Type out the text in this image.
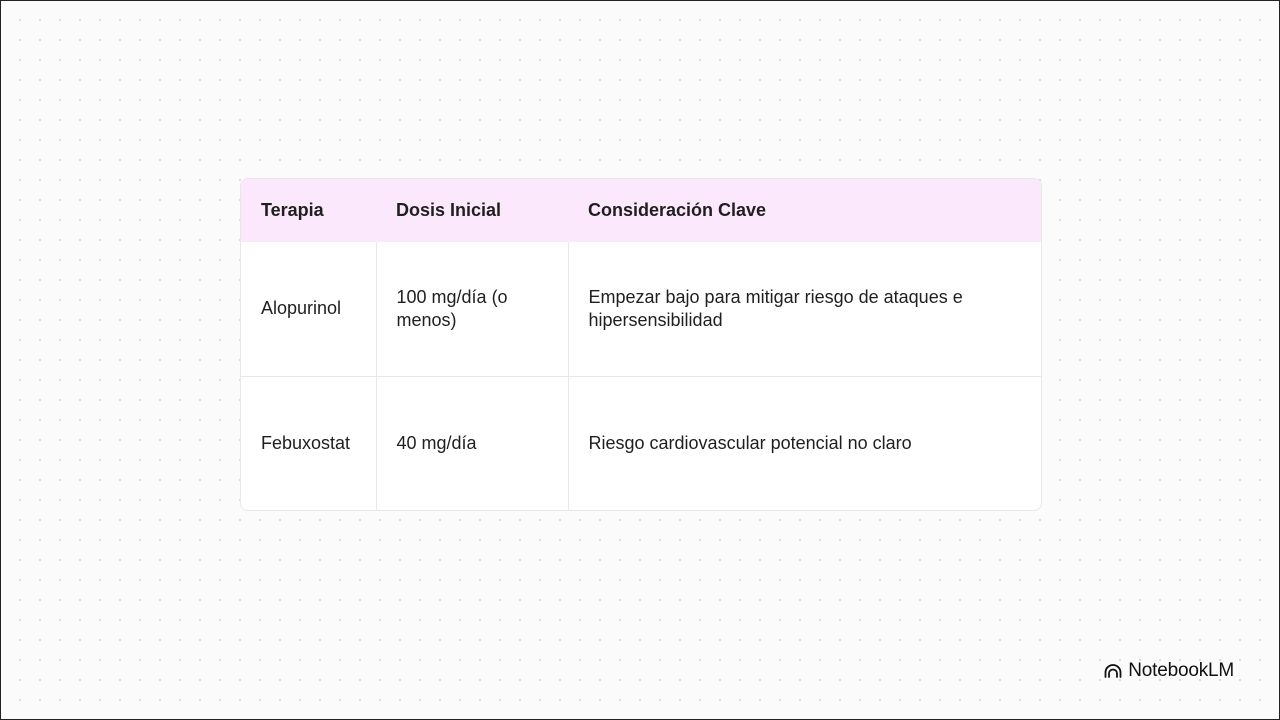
Terapia	Dosis Inicial	Consideración Clave
Alopurinol	100 mg/día (o menos)	Empezar bajo para mitigar riesgo de ataques e hipersensibilidad
Febuxostat	40 mg/día	Riesgo cardiovascular potencial no claro
NotebookLM
